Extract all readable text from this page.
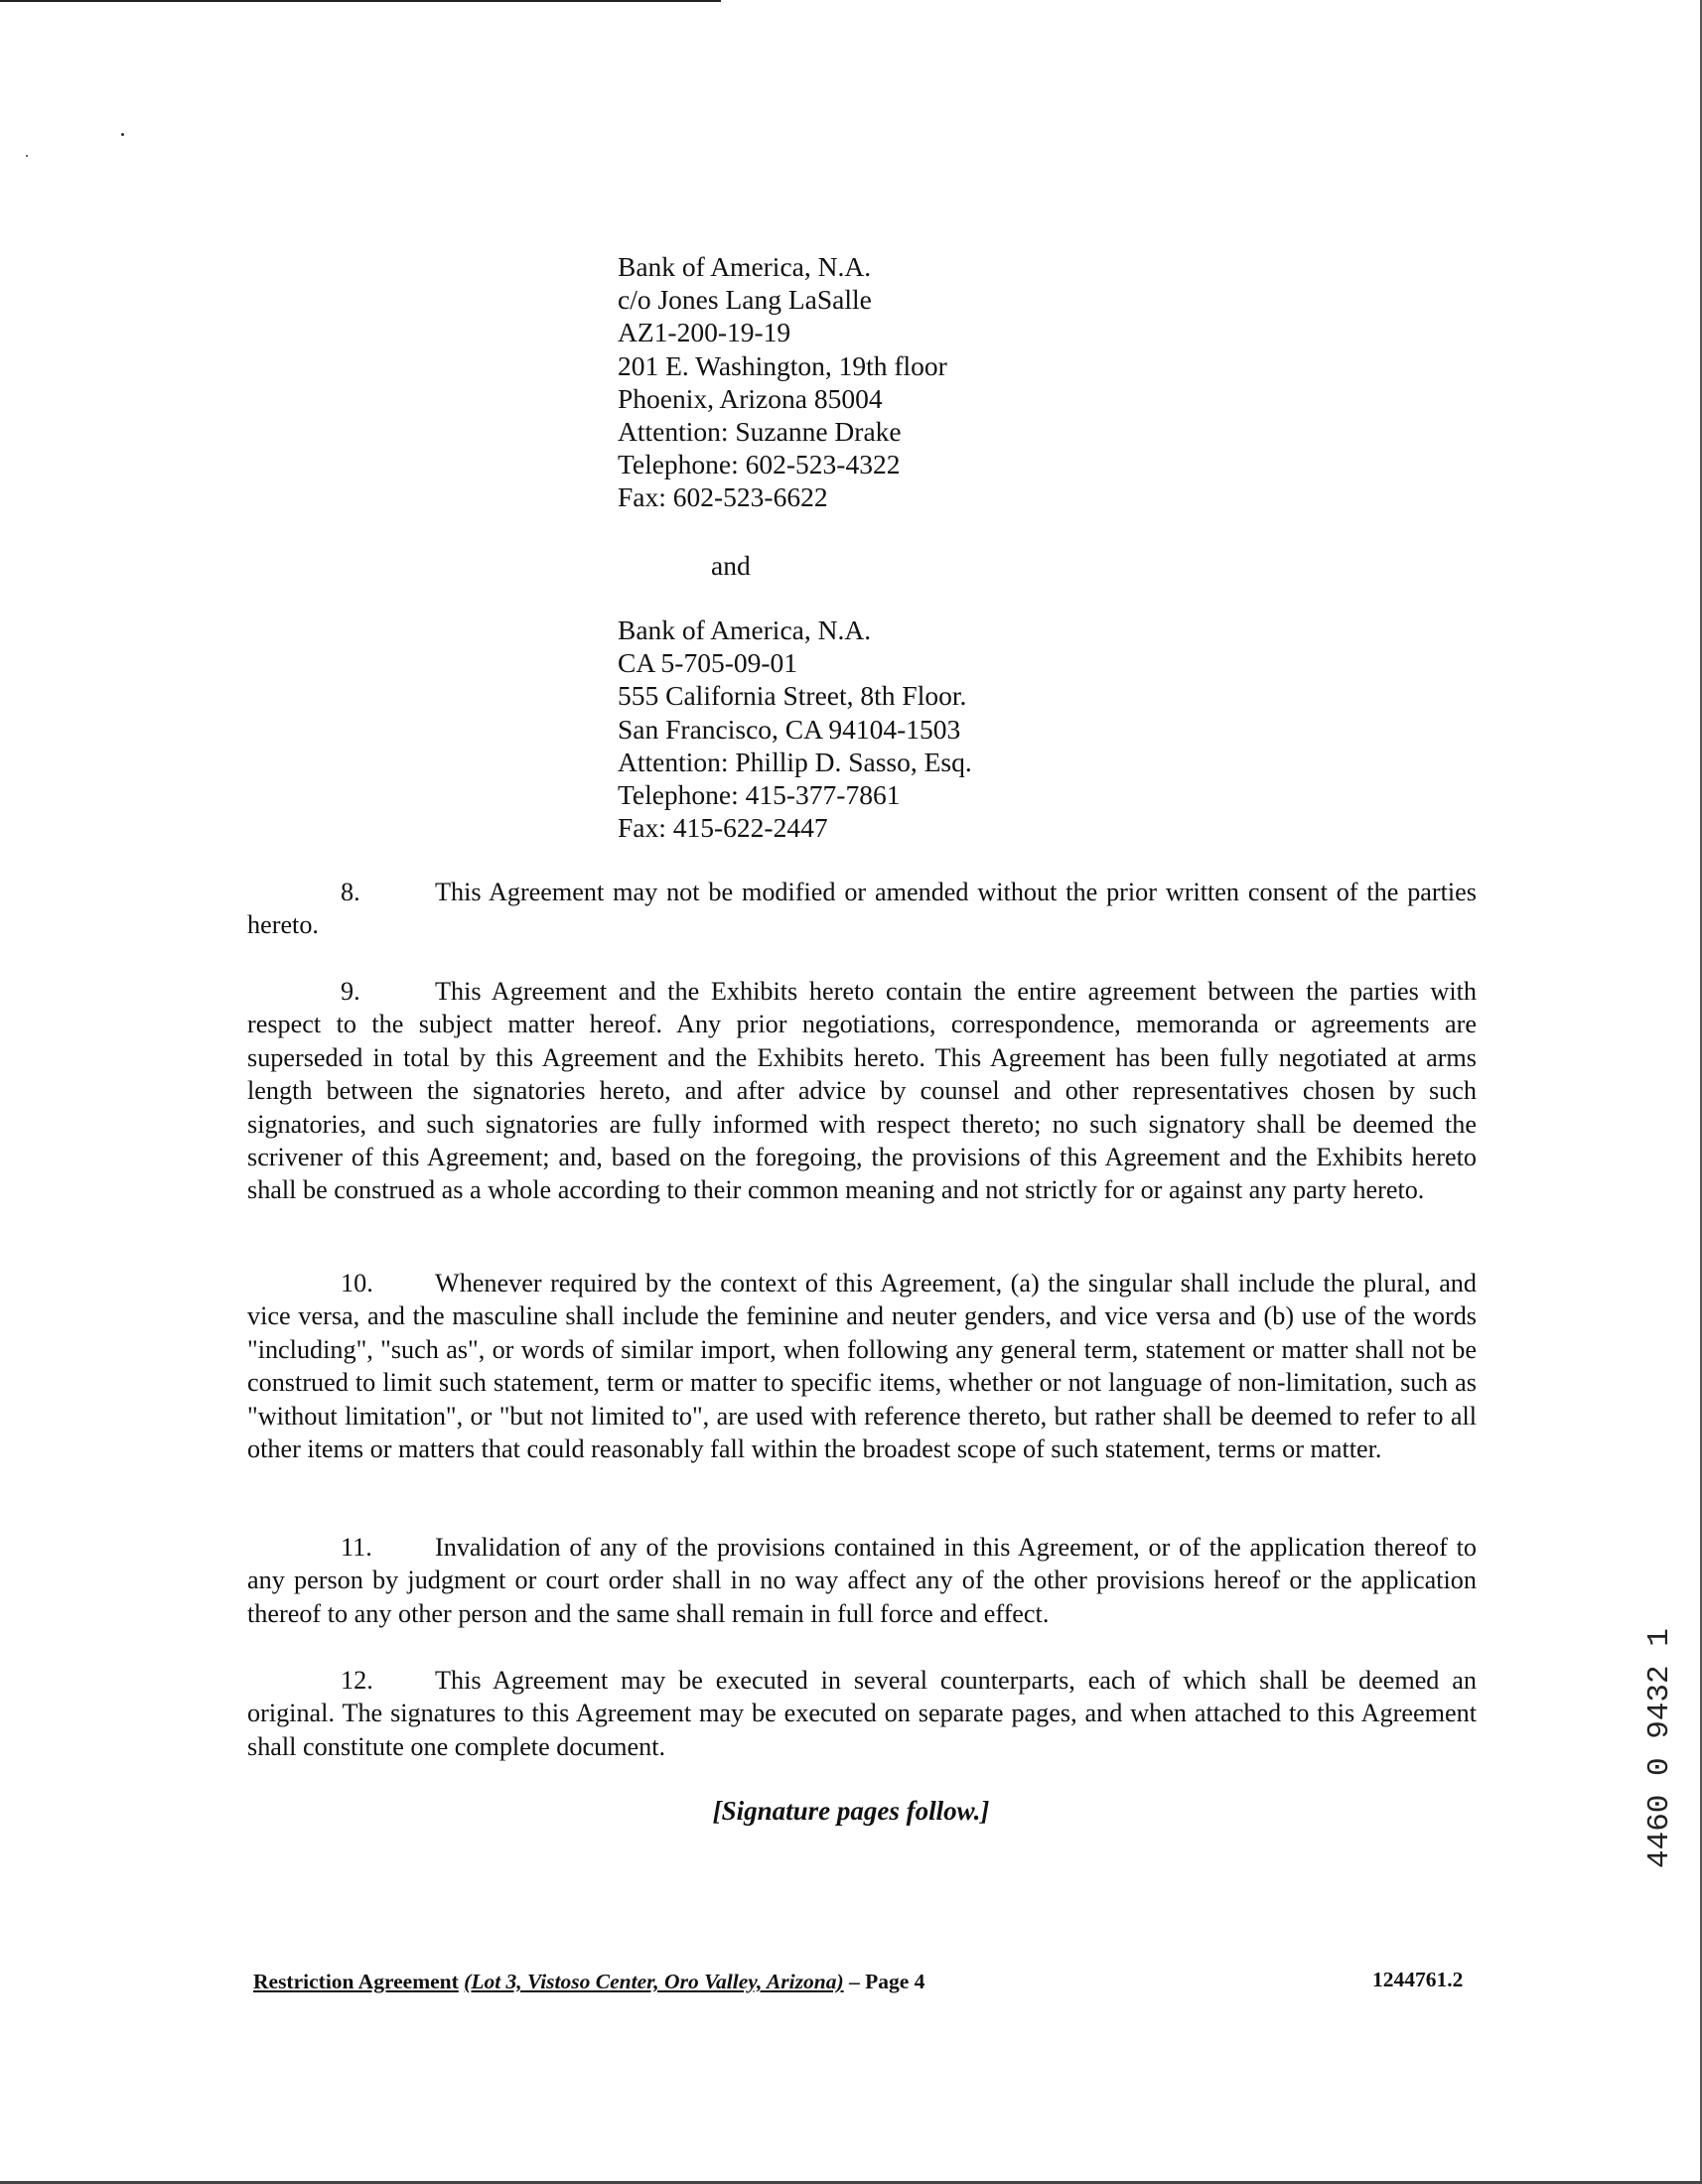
Bank of America, N.A.
c/o Jones Lang LaSalle
AZ1-200-19-19
201 E. Washington, 19th floor
Phoenix, Arizona 85004
Attention: Suzanne Drake
Telephone: 602-523-4322
Fax: 602-523-6622
and
Bank of America, N.A.
CA 5-705-09-01
555 California Street, 8th Floor.
San Francisco, CA 94104-1503
Attention: Phillip D. Sasso, Esq.
Telephone: 415-377-7861
Fax: 415-622-2447
8.	This Agreement may not be modified or amended without the prior written consent of the parties hereto.
9.	This Agreement and the Exhibits hereto contain the entire agreement between the parties with respect to the subject matter hereof. Any prior negotiations, correspondence, memoranda or agreements are superseded in total by this Agreement and the Exhibits hereto. This Agreement has been fully negotiated at arms length between the signatories hereto, and after advice by counsel and other representatives chosen by such signatories, and such signatories are fully informed with respect thereto; no such signatory shall be deemed the scrivener of this Agreement; and, based on the foregoing, the provisions of this Agreement and the Exhibits hereto shall be construed as a whole according to their common meaning and not strictly for or against any party hereto.
10. Whenever required by the context of this Agreement, (a) the singular shall include the plural, and vice versa, and the masculine shall include the feminine and neuter genders, and vice versa and (b) use of the words "including", "such as", or words of similar import, when following any general term, statement or matter shall not be construed to limit such statement, term or matter to specific items, whether or not language of non-limitation, such as "without limitation", or "but not limited to", are used with reference thereto, but rather shall be deemed to refer to all other items or matters that could reasonably fall within the broadest scope of such statement, terms or matter.
11. Invalidation of any of the provisions contained in this Agreement, or of the application thereof to any person by judgment or court order shall in no way affect any of the other provisions hereof or the application thereof to any other person and the same shall remain in full force and effect.
12. This Agreement may be executed in several counterparts, each of which shall be deemed an original. The signatures to this Agreement may be executed on separate pages, and when attached to this Agreement shall constitute one complete document.
[Signature pages follow.]
Restriction Agreement (Lot 3, Vistoso Center, Oro Valley, Arizona) – Page 4	1244761.2
4460 0 9432 1
